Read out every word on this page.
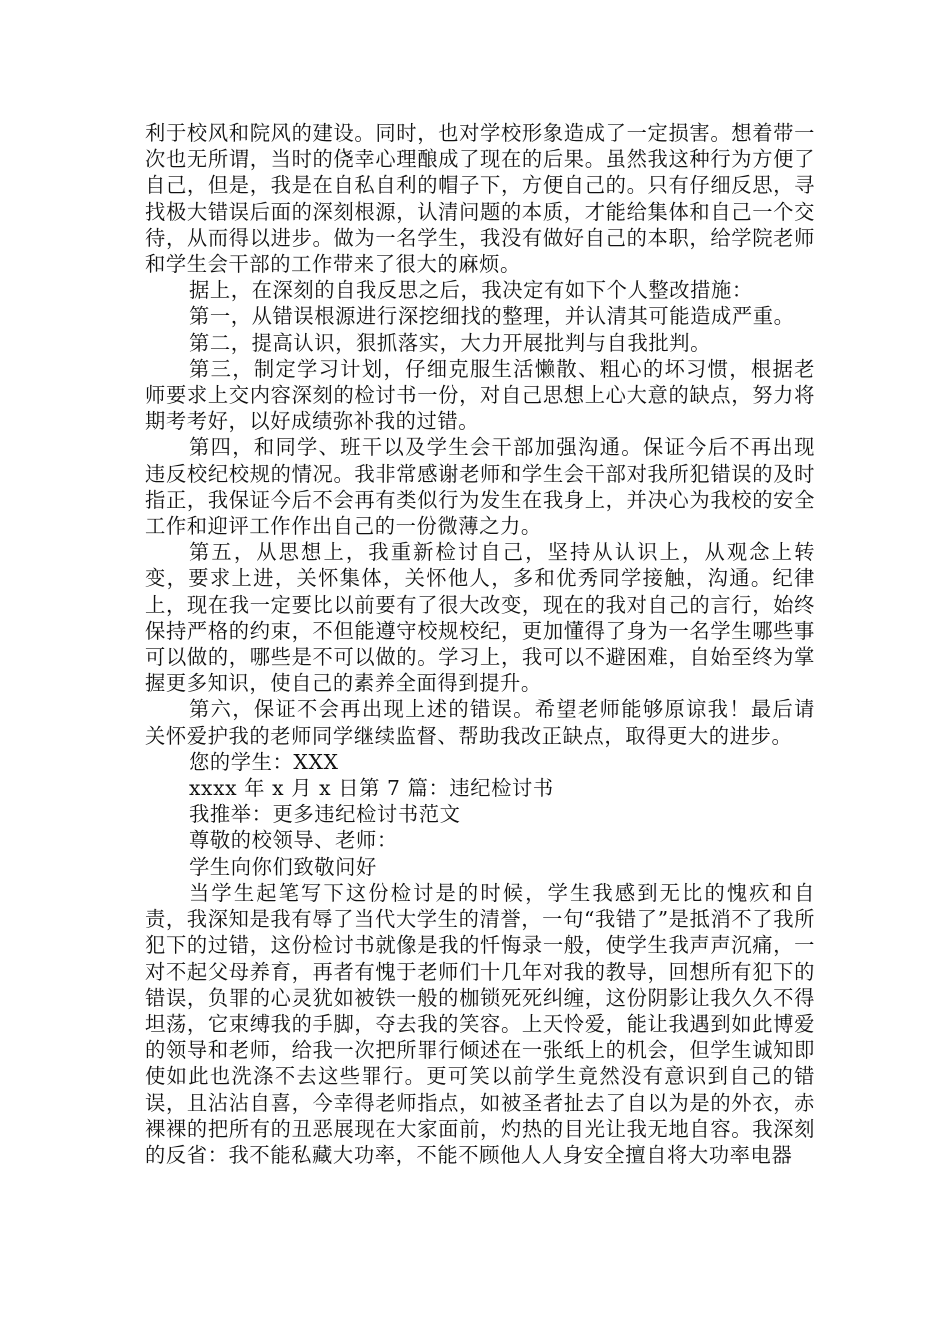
利于校风和院风的建设。同时，也对学校形象造成了一定损害。想着带一次也无所谓，当时的侥幸心理酿成了现在的后果。虽然我这种行为方便了自己，但是，我是在自私自利的帽子下，方便自己的。只有仔细反思，寻找极大错误后面的深刻根源，认清问题的本质，才能给集体和自己一个交待，从而得以进步。做为一名学生，我没有做好自己的本职，给学院老师和学生会干部的工作带来了很大的麻烦。

据上，在深刻的自我反思之后，我决定有如下个人整改措施：

第一，从错误根源进行深挖细找的整理，并认清其可能造成严重。

第二，提高认识，狠抓落实，大力开展批判与自我批判。

第三，制定学习计划，仔细克服生活懒散、粗心的坏习惯，根据老师要求上交内容深刻的检讨书一份，对自己思想上心大意的缺点，努力将期考考好，以好成绩弥补我的过错。

第四，和同学、班干以及学生会干部加强沟通。保证今后不再出现违反校纪校规的情况。我非常感谢老师和学生会干部对我所犯错误的及时指正，我保证今后不会再有类似行为发生在我身上，并决心为我校的安全工作和迎评工作作出自己的一份微薄之力。

第五，从思想上，我重新检讨自己，坚持从认识上，从观念上转变，要求上进，关怀集体，关怀他人，多和优秀同学接触，沟通。纪律上，现在我一定要比以前要有了很大改变，现在的我对自己的言行，始终保持严格的约束，不但能遵守校规校纪，更加懂得了身为一名学生哪些事可以做的，哪些是不可以做的。学习上，我可以不避困难，自始至终为掌握更多知识，使自己的素养全面得到提升。

第六，保证不会再出现上述的错误。希望老师能够原谅我！最后请关怀爱护我的老师同学继续监督、帮助我改正缺点，取得更大的进步。

您的学生：XXX

xxxx 年 x 月 x 日第 7 篇：违纪检讨书

我推举：更多违纪检讨书范文

尊敬的校领导、老师：

学生向你们致敬问好

当学生起笔写下这份检讨是的时候，学生我感到无比的愧疚和自责，我深知是我有辱了当代大学生的清誉，一句“我错了”是抵消不了我所犯下的过错，这份检讨书就像是我的忏悔录一般，使学生我声声沉痛，一对不起父母养育，再者有愧于老师们十几年对我的教导，回想所有犯下的错误，负罪的心灵犹如被铁一般的枷锁死死纠缠，这份阴影让我久久不得坦荡，它束缚我的手脚，夺去我的笑容。上天怜爱，能让我遇到如此博爱的领导和老师，给我一次把所罪行倾述在一张纸上的机会，但学生诚知即使如此也洗涤不去这些罪行。更可笑以前学生竟然没有意识到自己的错误，且沾沾自喜，今幸得老师指点，如被圣者扯去了自以为是的外衣，赤裸裸的把所有的丑恶展现在大家面前，灼热的目光让我无地自容。我深刻的反省：我不能私藏大功率，不能不顾他人人身安全擅自将大功率电器
